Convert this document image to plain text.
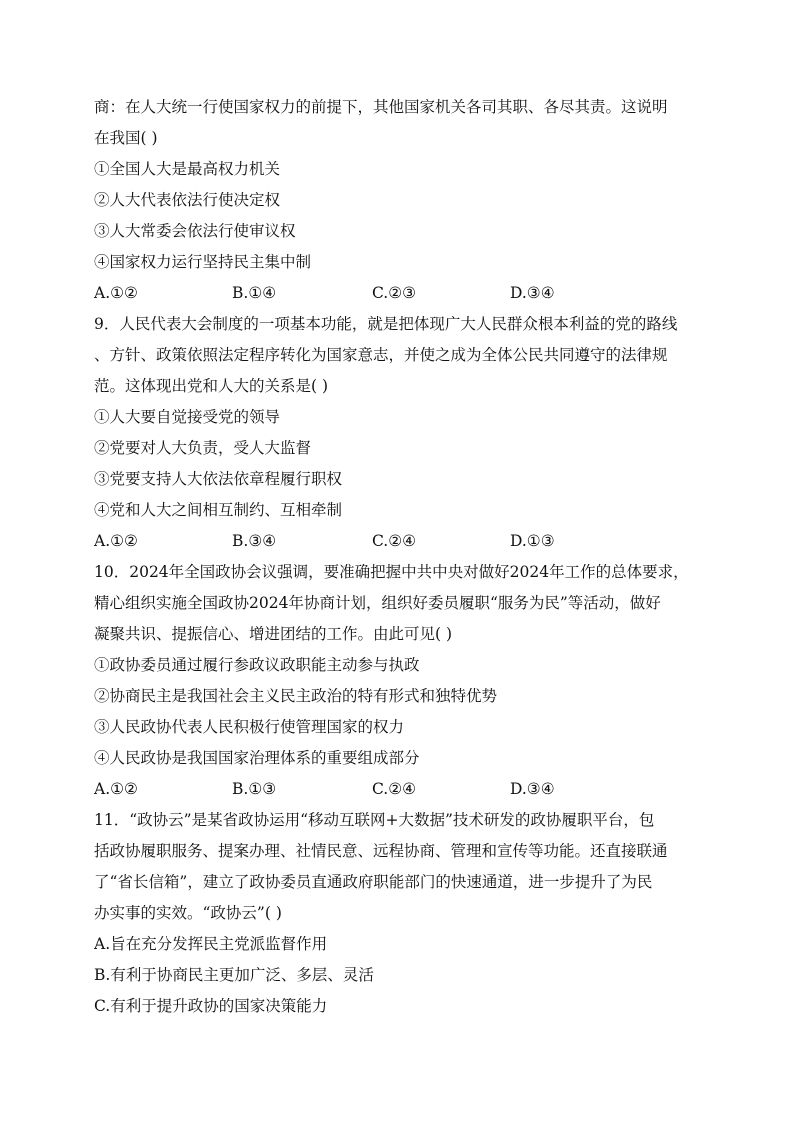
商：在人大统一行使国家权力的前提下，其他国家机关各司其职、各尽其责。这说明
在我国( )
①全国人大是最高权力机关
②人大代表依法行使决定权
③人大常委会依法行使审议权
④国家权力运行坚持民主集中制
A.①②	B.①④	C.②③	D.③④
9．人民代表大会制度的一项基本功能，就是把体现广大人民群众根本利益的党的路线
、方针、政策依照法定程序转化为国家意志，并使之成为全体公民共同遵守的法律规
范。这体现出党和人大的关系是( )
①人大要自觉接受党的领导
②党要对人大负责，受人大监督
③党要支持人大依法依章程履行职权
④党和人大之间相互制约、互相牵制
A.①②	B.③④	C.②④	D.①③
10．2024年全国政协会议强调，要准确把握中共中央对做好2024年工作的总体要求，
精心组织实施全国政协2024年协商计划，组织好委员履职“服务为民”等活动，做好
凝聚共识、提振信心、增进团结的工作。由此可见( )
①政协委员通过履行参政议政职能主动参与执政
②协商民主是我国社会主义民主政治的特有形式和独特优势
③人民政协代表人民积极行使管理国家的权力
④人民政协是我国国家治理体系的重要组成部分
A.①②	B.①③	C.②④	D.③④
11．“政协云”是某省政协运用“移动互联网+大数据”技术研发的政协履职平台，包
括政协履职服务、提案办理、社情民意、远程协商、管理和宣传等功能。还直接联通
了“省长信箱”，建立了政协委员直通政府职能部门的快速通道，进一步提升了为民
办实事的实效。“政协云”( )
A.旨在充分发挥民主党派监督作用
B.有利于协商民主更加广泛、多层、灵活
C.有利于提升政协的国家决策能力
